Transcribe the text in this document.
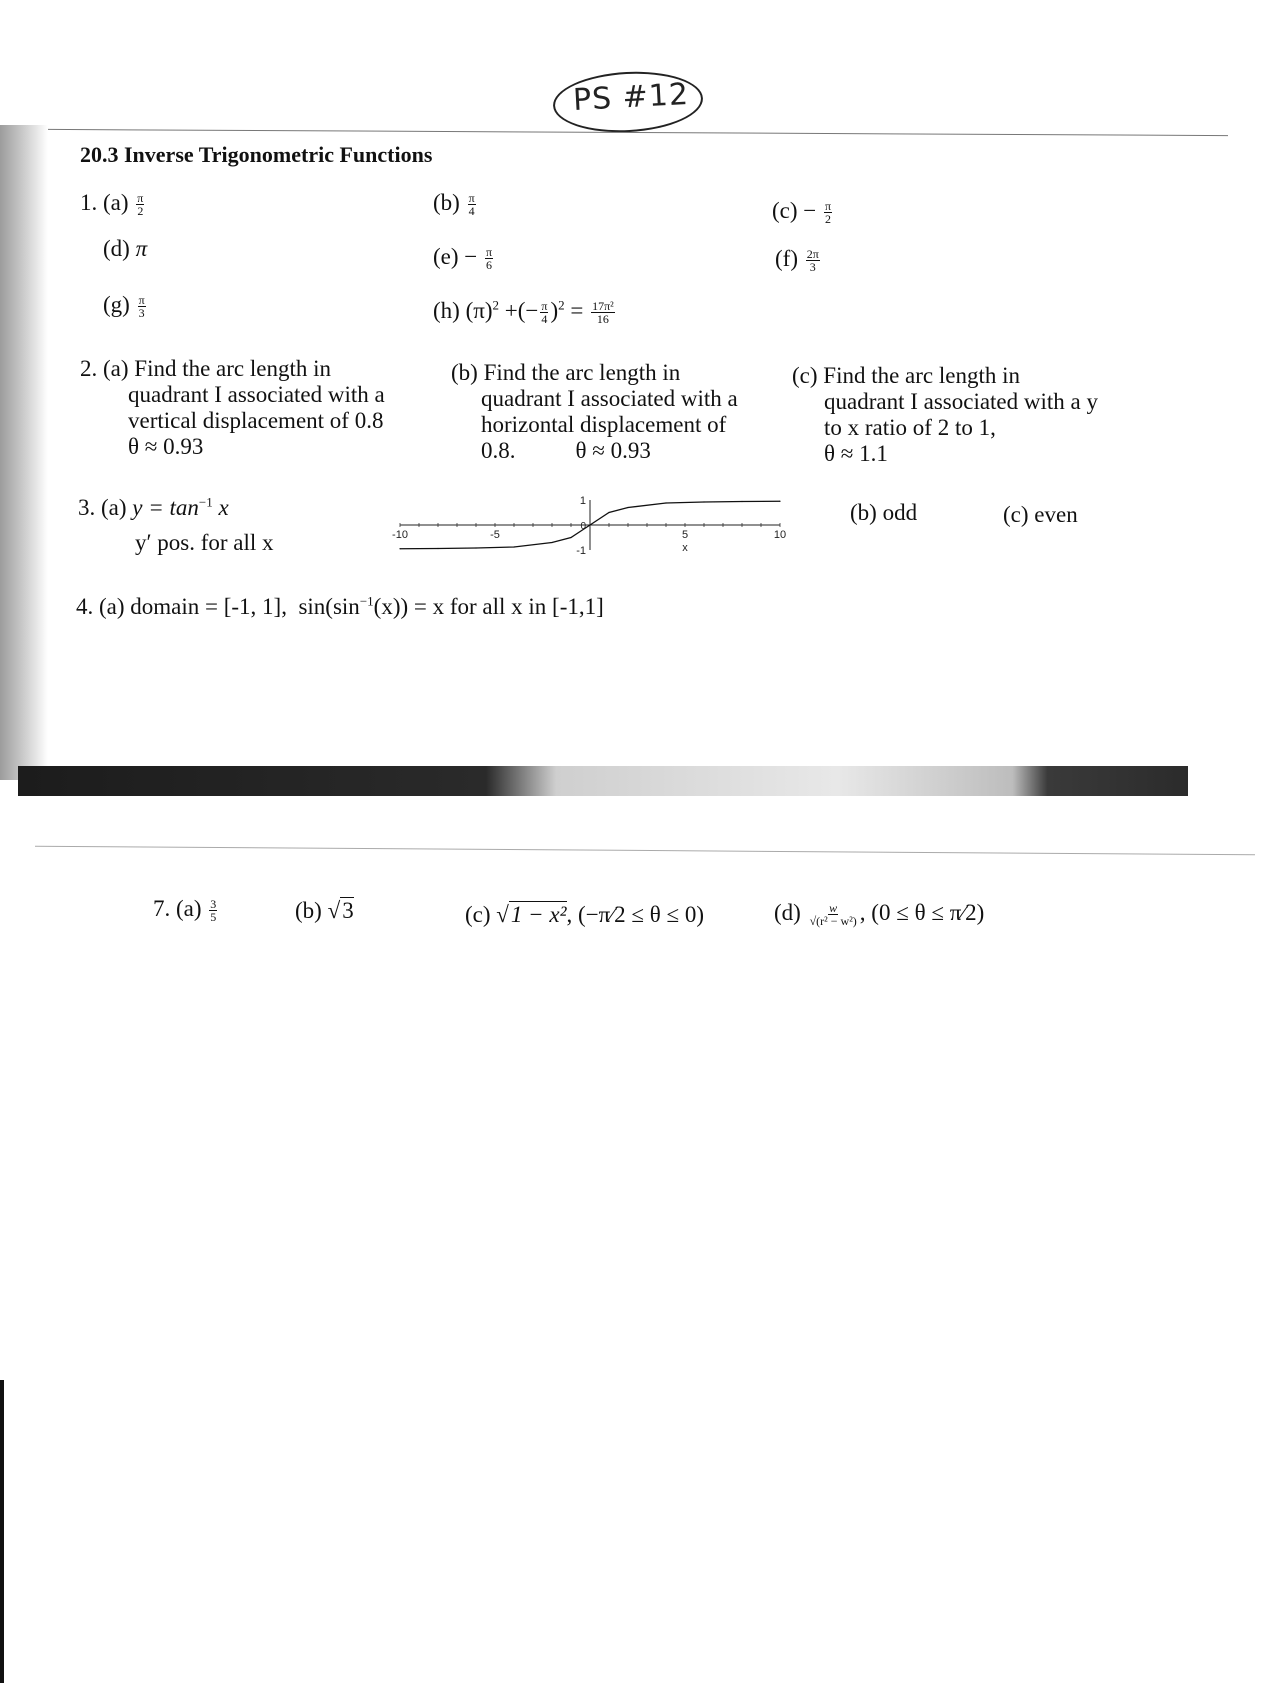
PS #12
20.3 Inverse Trigonometric Functions
1. $(a) \frac{\pi}{2}$	$(b) \frac{\pi}{4}$	$(c) - \frac{\pi}{2}$
(d) π	$(e) - \frac{\pi}{6}$	$(f) \frac{2\pi}{3}$
$(g) \frac{\pi}{3}$	(h) $(\pi)^2$ +(− $\frac{\pi}{4} )^2 = \frac{\text{17π²}}{16}$
2. (a) Find the arc length in
quadrant I associated with a
vertical displacement of 0.8
θ ≈ 0.93
(b) Find the arc length in
quadrant I associated with a
horizontal displacement of
0.8.	θ ≈ 0.93
(c) Find the arc length in
quadrant I associated with a y
to x ratio of 2 to 1,
θ ≈ 1.1
3. (a) $y = \tan^{-1} x$
y′ pos. for all x	-10	-5	5	10
1
-1
0
x
(b) odd	(c) even
4. (a) domain = [-1, 1], $\sin(\sin^{-1}(x)) = x$ for all x in [-1,1]
7. $(a) \frac{3}{5}$	(b) √3	(c) √1 − x², (−π⁄2 ≤ θ ≤ 0)	$(d) \frac{w}{\text{√(r² − w²)}}$ , (0 ≤ θ ≤ π⁄2)
